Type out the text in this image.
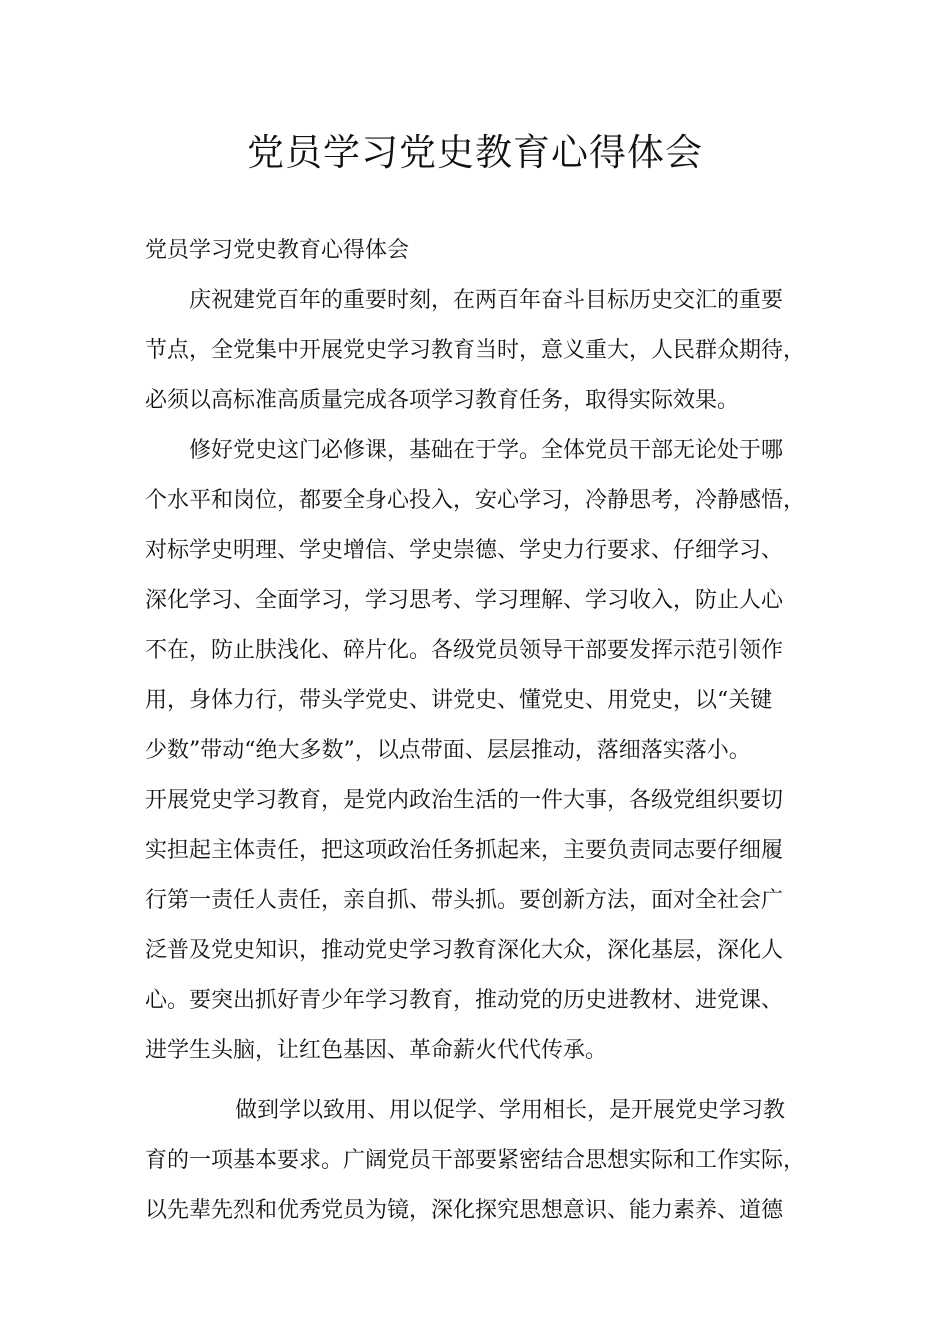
党员学习党史教育心得体会
党员学习党史教育心得体会
庆祝建党百年的重要时刻，在两百年奋斗目标历史交汇的重要
节点，全党集中开展党史学习教育当时，意义重大，人民群众期待，
必须以高标准高质量完成各项学习教育任务，取得实际效果。
修好党史这门必修课，基础在于学。全体党员干部无论处于哪
个水平和岗位，都要全身心投入，安心学习，冷静思考，冷静感悟，
对标学史明理、学史增信、学史崇德、学史力行要求、仔细学习、
深化学习、全面学习，学习思考、学习理解、学习收入，防止人心
不在，防止肤浅化、碎片化。各级党员领导干部要发挥示范引领作
用，身体力行，带头学党史、讲党史、懂党史、用党史，以“关键
少数”带动“绝大多数”，以点带面、层层推动，落细落实落小。
开展党史学习教育，是党内政治生活的一件大事，各级党组织要切
实担起主体责任，把这项政治任务抓起来，主要负责同志要仔细履
行第一责任人责任，亲自抓、带头抓。要创新方法，面对全社会广
泛普及党史知识，推动党史学习教育深化大众，深化基层，深化人
心。要突出抓好青少年学习教育，推动党的历史进教材、进党课、
进学生头脑，让红色基因、革命薪火代代传承。
做到学以致用、用以促学、学用相长，是开展党史学习教
育的一项基本要求。广阔党员干部要紧密结合思想实际和工作实际，
以先辈先烈和优秀党员为镜，深化探究思想意识、能力素养、道德
